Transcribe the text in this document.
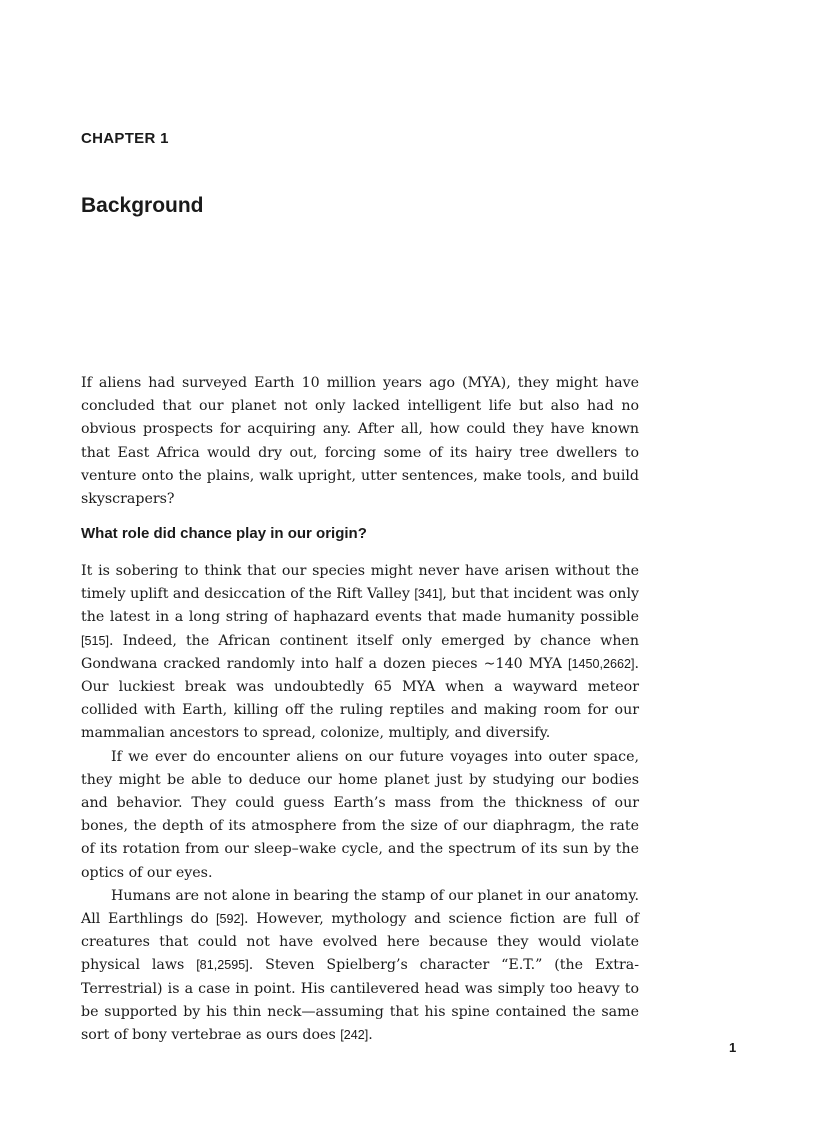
CHAPTER 1
Background

If aliens had surveyed Earth 10 million years ago (MYA), they might have concluded that our planet not only lacked intelligent life but also had no obvious prospects for acquiring any. After all, how could they have known that East Africa would dry out, forcing some of its hairy tree dwellers to venture onto the plains, walk upright, utter sentences, make tools, and build skyscrapers?

What role did chance play in our origin?

It is sobering to think that our species might never have arisen without the timely uplift and desiccation of the Rift Valley [341], but that incident was only the latest in a long string of haphazard events that made humanity possible [515]. Indeed, the African continent itself only emerged by chance when Gondwana cracked randomly into half a dozen pieces ∼140 MYA [1450,2662]. Our luckiest break was undoubtedly 65 MYA when a wayward meteor collided with Earth, killing off the ruling reptiles and making room for our mammalian ancestors to spread, colonize, multiply, and diversify.

If we ever do encounter aliens on our future voyages into outer space, they might be able to deduce our home planet just by studying our bodies and behavior. They could guess Earth’s mass from the thickness of our bones, the depth of its atmosphere from the size of our diaphragm, the rate of its rotation from our sleep–wake cycle, and the spectrum of its sun by the optics of our eyes.

Humans are not alone in bearing the stamp of our planet in our anatomy. All Earthlings do [592]. However, mythology and science fiction are full of creatures that could not have evolved here because they would violate physical laws [81,2595]. Steven Spielberg’s character “E.T.” (the Extra-Terrestrial) is a case in point. His cantilevered head was simply too heavy to be supported by his thin neck—assuming that his spine contained the same sort of bony vertebrae as ours does [242].

1
